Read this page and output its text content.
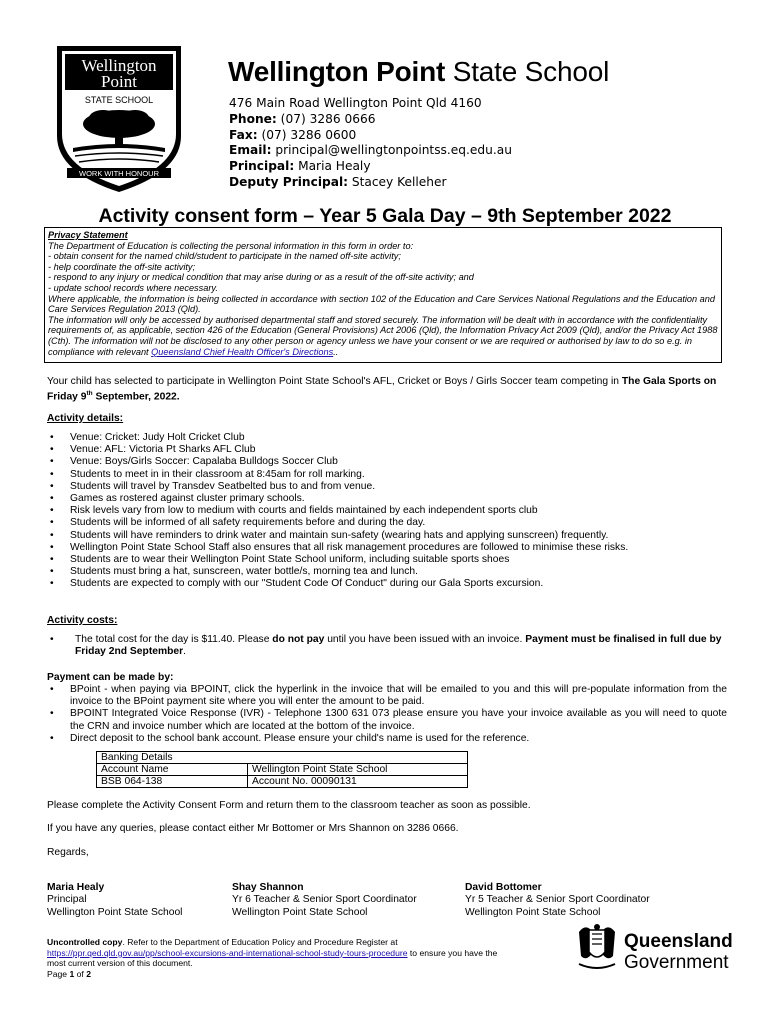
Wellington
Point
STATE SCHOOL
WORK WITH HONOUR
Wellington Point State School
476 Main Road Wellington Point Qld 4160
Phone: (07) 3286 0666
Fax: (07) 3286 0600
Email: principal@wellingtonpointss.eq.edu.au
Principal: Maria Healy
Deputy Principal: Stacey Kelleher
Activity consent form – Year 5 Gala Day – 9th September 2022
Privacy Statement
The Department of Education is collecting the personal information in this form in order to:
- obtain consent for the named child/student to participate in the named off-site activity;
- help coordinate the off-site activity;
- respond to any injury or medical condition that may arise during or as a result of the off-site activity; and
- update school records where necessary.
Where applicable, the information is being collected in accordance with section 102 of the Education and Care Services National Regulations and the Education and Care Services Regulation 2013 (Qld).
The information will only be accessed by authorised departmental staff and stored securely. The information will be dealt with in accordance with the confidentiality requirements of, as applicable, section 426 of the Education (General Provisions) Act 2006 (Qld), the Information Privacy Act 2009 (Qld), and/or the Privacy Act 1988 (Cth). The information will not be disclosed to any other person or agency unless we have your consent or we are required or authorised by law to do so e.g. in compliance with relevant Queensland Chief Health Officer's Directions..
Your child has selected to participate in Wellington Point State School's AFL, Cricket or Boys / Girls Soccer team competing in The Gala Sports on Friday 9th September, 2022.
Activity details:
• Venue: Cricket: Judy Holt Cricket Club
• Venue: AFL: Victoria Pt Sharks AFL Club
• Venue: Boys/Girls Soccer: Capalaba Bulldogs Soccer Club
• Students to meet in in their classroom at 8:45am for roll marking.
• Students will travel by Transdev Seatbelted bus to and from venue.
• Games as rostered against cluster primary schools.
• Risk levels vary from low to medium with courts and fields maintained by each independent sports club
• Students will be informed of all safety requirements before and during the day.
• Students will have reminders to drink water and maintain sun-safety (wearing hats and applying sunscreen) frequently.
• Wellington Point State School Staff also ensures that all risk management procedures are followed to minimise these risks.
• Students are to wear their Wellington Point State School uniform, including suitable sports shoes
• Students must bring a hat, sunscreen, water bottle/s, morning tea and lunch.
• Students are expected to comply with our "Student Code Of Conduct" during our Gala Sports excursion.
Activity costs:
• The total cost for the day is $11.40. Please do not pay until you have been issued with an invoice. Payment must be finalised in full due by Friday 2nd September.
Payment can be made by:
• BPoint - when paying via BPOINT, click the hyperlink in the invoice that will be emailed to you and this will pre-populate information from the invoice to the BPoint payment site where you will enter the amount to be paid.
• BPOINT Integrated Voice Response (IVR) - Telephone 1300 631 073 please ensure you have your invoice available as you will need to quote the CRN and invoice number which are located at the bottom of the invoice.
• Direct deposit to the school bank account. Please ensure your child's name is used for the reference.
Banking Details	
Account Name	Wellington Point State School
BSB 064-138	Account No. 00090131
Please complete the Activity Consent Form and return them to the classroom teacher as soon as possible.
If you have any queries, please contact either Mr Bottomer or Mrs Shannon on 3286 0666.
Regards,
Maria Healy
Principal
Wellington Point State School
Shay Shannon
Yr 6 Teacher & Senior Sport Coordinator
Wellington Point State School
David Bottomer
Yr 5 Teacher & Senior Sport Coordinator
Wellington Point State School
Uncontrolled copy. Refer to the Department of Education Policy and Procedure Register at
https://ppr.qed.qld.gov.au/pp/school-excursions-and-international-school-study-tours-procedure to ensure you have the most current version of this document.
Page 1 of 2
Queensland
Government
